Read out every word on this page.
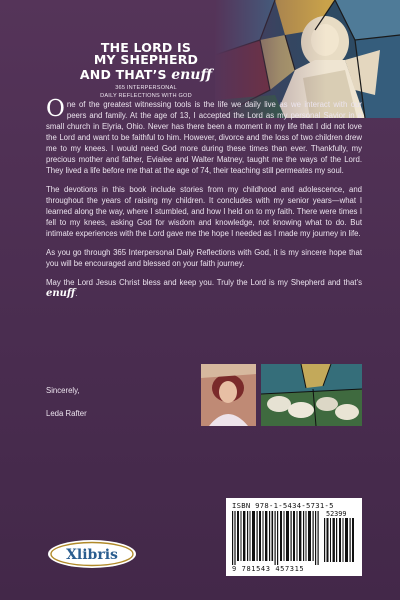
THE LORD IS
MY SHEPHERD
AND THAT’S enuff
365 INTERPERSONAL
DAILY REFLECTIONS WITH GOD

One of the greatest witnessing tools is the life we daily live as we interact with our peers and family. At the age of 13, I accepted the Lord as my personal Savior in a small church in Elyria, Ohio. Never has there been a moment in my life that I did not love the Lord and want to be faithful to him. However, divorce and the loss of two children drew me to my knees. I would need God more during these times than ever. Thankfully, my precious mother and father, Evialee and Walter Matney, taught me the ways of the Lord. They lived a life before me that at the age of 74, their teaching still permeates my soul.

The devotions in this book include stories from my childhood and adolescence, and throughout the years of raising my children. It concludes with my senior years—what I learned along the way, where I stumbled, and how I held on to my faith. There were times I fell to my knees, asking God for wisdom and knowledge, not knowing what to do. But intimate experiences with the Lord gave me the hope I needed as I made my journey in life.

As you go through 365 Interpersonal Daily Reflections with God, it is my sincere hope that you will be encouraged and blessed on your faith journey.

May the Lord Jesus Christ bless and keep you. Truly the Lord is my Shepherd and that’s enuff.

Sincerely,
Leda Rafter
ISBN 978-1-5434-5731-5
52399
9 781543 457315
Xlibris
